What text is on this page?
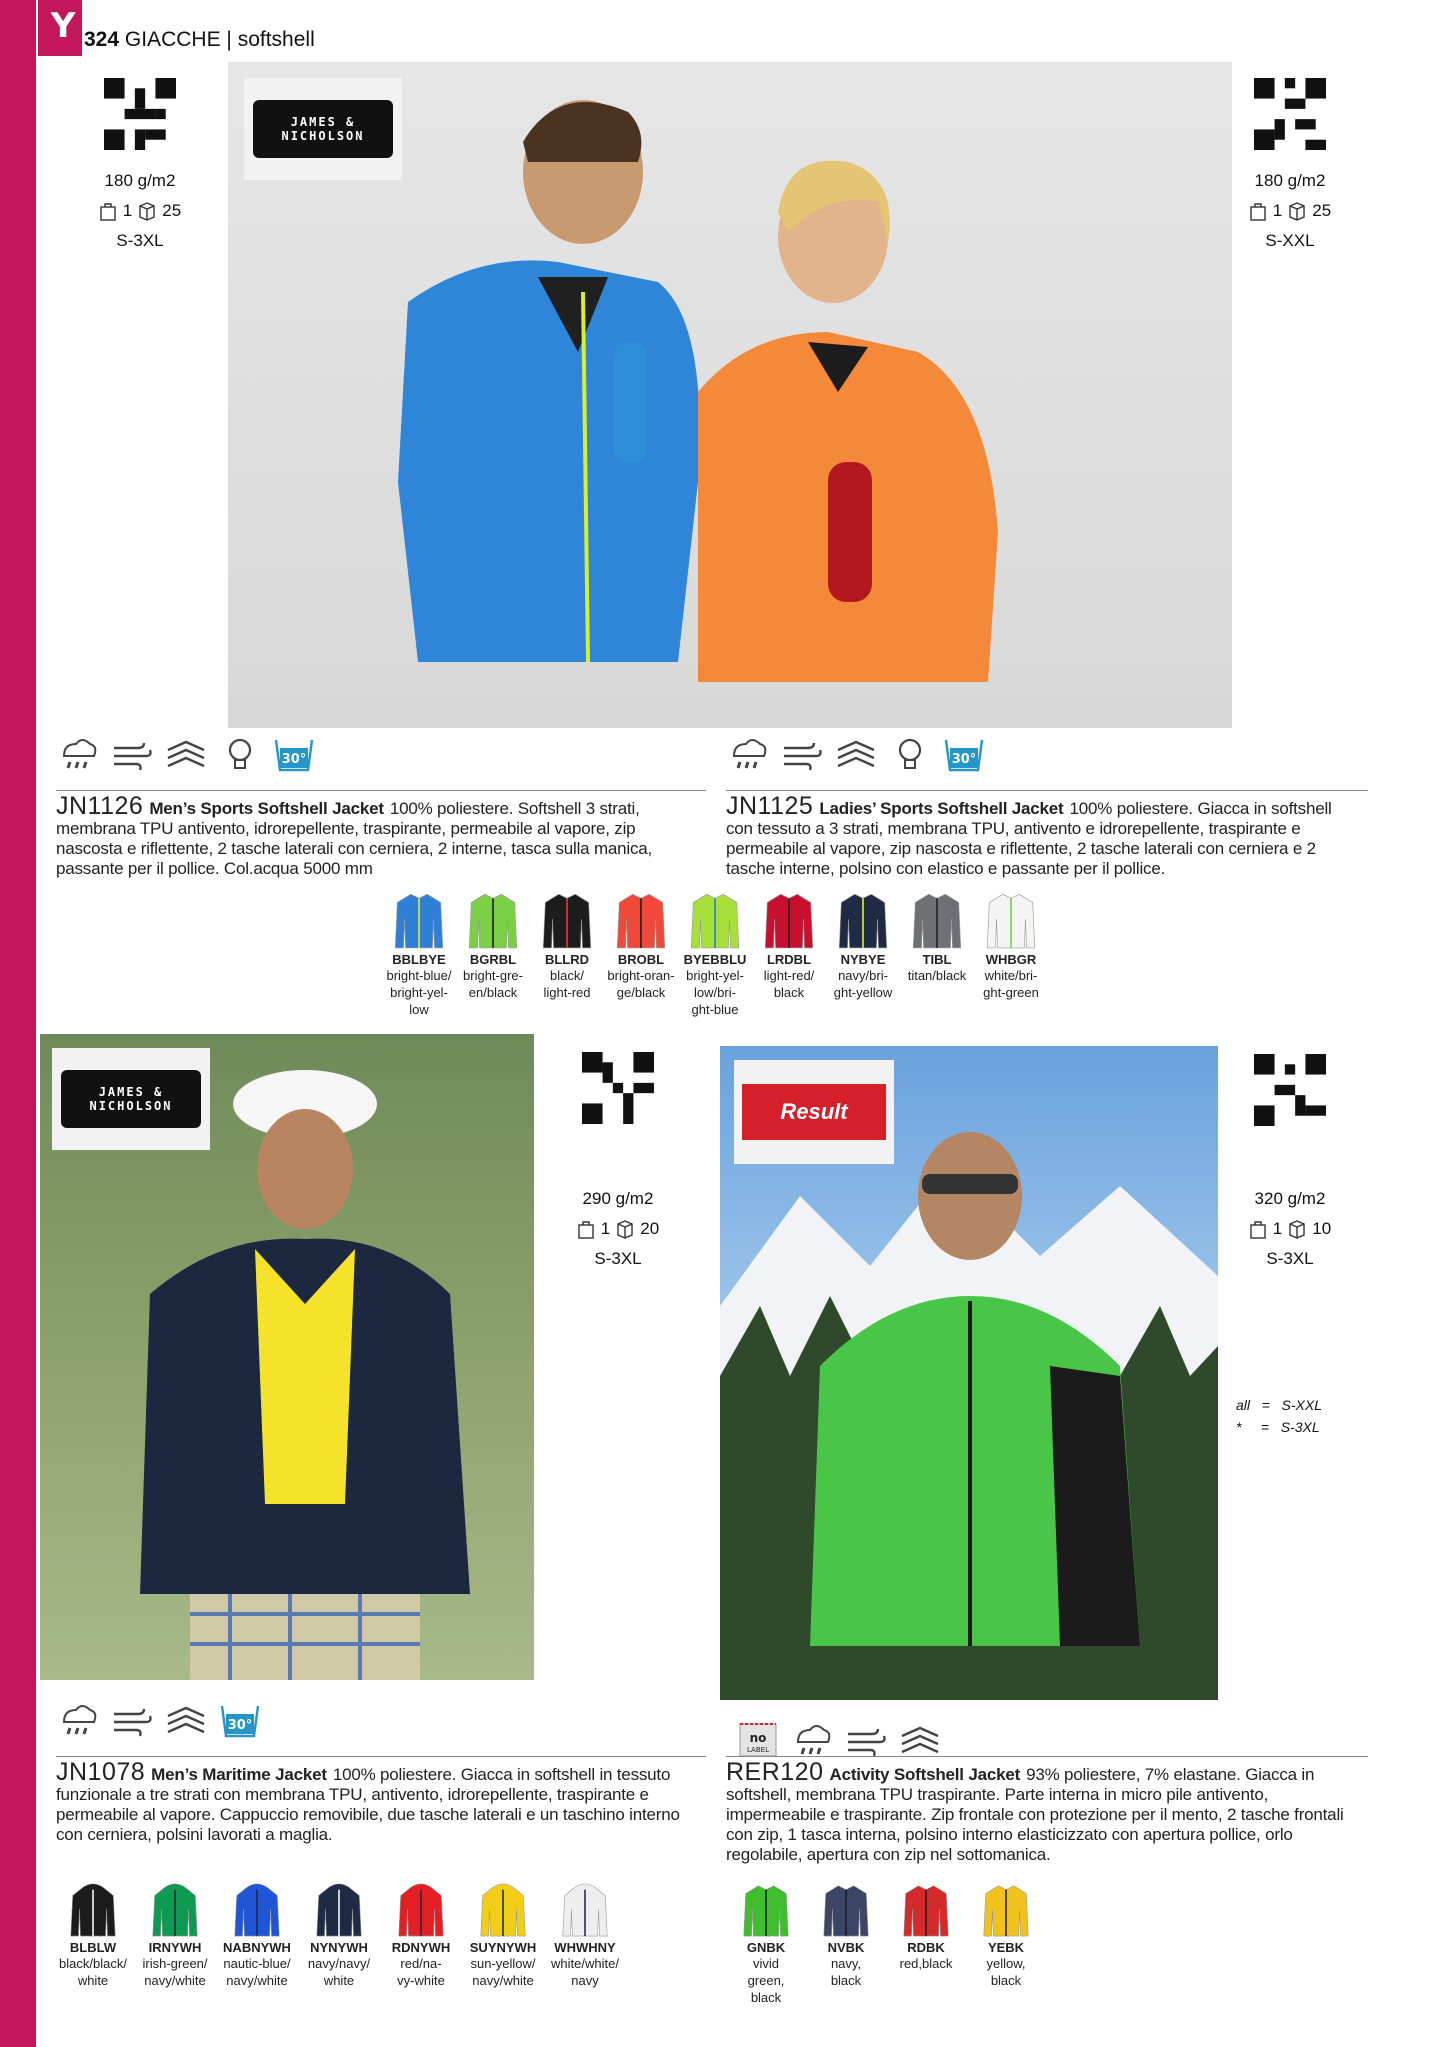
Y 324 GIACCHE | softshell
JAMES &
NICHOLSON
180 g/m2
1 25
S-3XL
180 g/m2
1 25
S-XXL
30°	30°
JN1126 Men’s Sports Softshell Jacket 100% poliestere. Softshell 3 strati, membrana TPU antivento, idrorepellente, traspirante, permeabile al vapore, zip nascosta e riflettente, 2 tasche laterali con cerniera, 2 interne, tasca sulla manica, passante per il pollice. Col.acqua 5000 mm
JN1125 Ladies’ Sports Softshell Jacket 100% poliestere. Giacca in softshell con tessuto a 3 strati, membrana TPU, antivento e idrorepellente, traspirante e permeabile al vapore, zip nascosta e riflettente, 2 tasche laterali con cerniera e 2 tasche interne, polsino con elastico e passante per il pollice.
BBLBYE
bright-blue/
bright-yel-
low
BGRBL
bright-gre-
en/black
BLLRD
black/
light-red
BROBL
bright-oran-
ge/black
BYEBBLU
bright-yel-
low/bri-
ght-blue
LRDBL
light-red/
black
NYBYE
navy/bri-
ght-yellow
TIBL
titan/black
WHBGR
white/bri-
ght-green
JAMES &
NICHOLSON
290 g/m2
1 20
S-3XL
30°
JN1078 Men’s Maritime Jacket 100% poliestere. Giacca in softshell in tessuto funzionale a tre strati con membrana TPU, antivento, idrorepellente, traspirante e permeabile al vapore. Cappuccio removibile, due tasche laterali e un taschino interno con cerniera, polsini lavorati a maglia.
BLBLW
black/black/
white
IRNYWH
irish-green/
navy/white
NABNYWH
nautic-blue/
navy/white
NYNYWH
navy/navy/
white
RDNYWH
red/na-
vy-white
SUYNYWH
sun-yellow/
navy/white
WHWHNY
white/white/
navy
Result
320 g/m2
1 10
S-3XL
all   =   S-XXL
*     =   S-3XL
no
LABEL
RER120 Activity Softshell Jacket 93% poliestere, 7% elastane. Giacca in softshell, membrana TPU traspirante. Parte interna in micro pile antivento, impermeabile e traspirante. Zip frontale con protezione per il mento, 2 tasche frontali con zip, 1 tasca interna, polsino interno elasticizzato con apertura pollice, orlo regolabile, apertura con zip nel sottomanica.
GNBK
vivid
green,
black
NVBK
navy,
black
RDBK
red,black
YEBK
yellow,
black
